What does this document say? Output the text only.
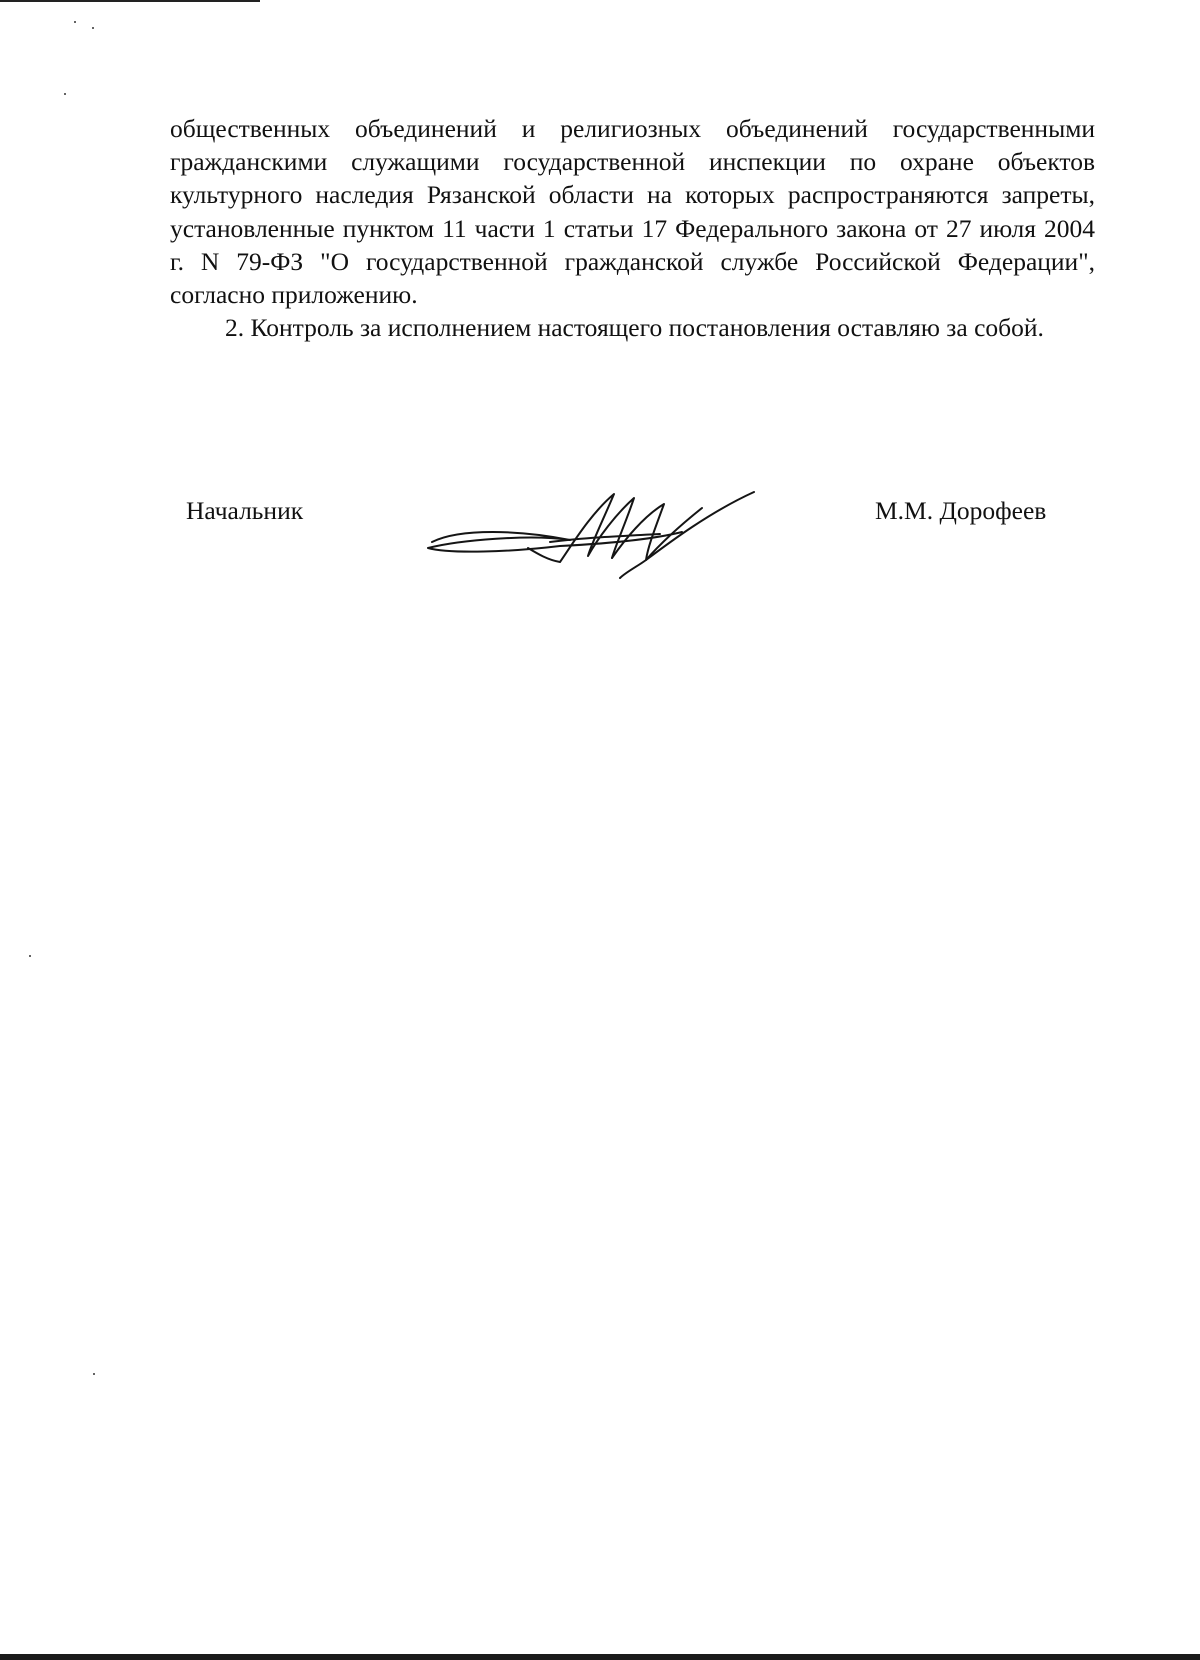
общественных объединений и религиозных объединений государственными гражданскими служащими государственной инспекции по охране объектов культурного наследия Рязанской области на которых распространяются запреты, установленные пунктом 11 части 1 статьи 17 Федерального закона от 27 июля 2004 г. N 79-ФЗ "О государственной гражданской службе Российской Федерации", согласно приложению.

2. Контроль за исполнением настоящего постановления оставляю за собой.

Начальник	М.М. Дорофеев
